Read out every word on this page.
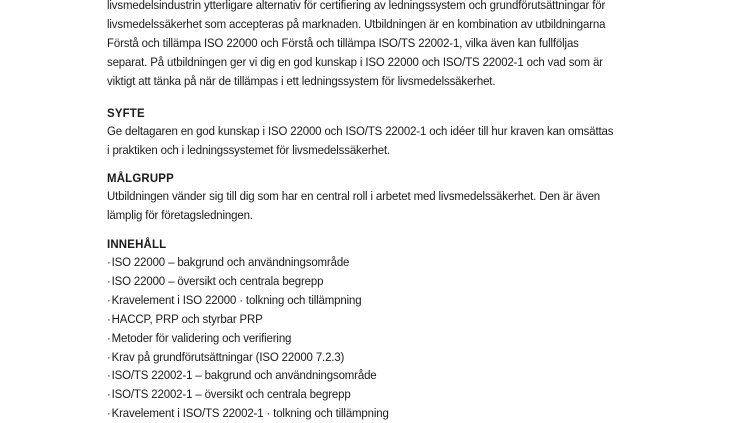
livsmedelsindustrin ytterligare alternativ för certifiering av ledningssystem och grundförutsättningar för

livsmedelssäkerhet som accepteras på marknaden. Utbildningen är en kombination av utbildningarna

Förstå och tillämpa ISO 22000 och Förstå och tillämpa ISO/TS 22002-1, vilka även kan fullföljas

separat. På utbildningen ger vi dig en god kunskap i ISO 22000 och ISO/TS 22002-1 och vad som är

viktigt att tänka på när de tillämpas i ett ledningssystem för livsmedelssäkerhet.

SYFTE

Ge deltagaren en god kunskap i ISO 22000 och ISO/TS 22002-1 och idéer till hur kraven kan omsättas

i praktiken och i ledningssystemet för livsmedelssäkerhet.

MÅLGRUPP

Utbildningen vänder sig till dig som har en central roll i arbetet med livsmedelssäkerhet. Den är även

lämplig för företagsledningen.

INNEHÅLL

·ISO 22000 – bakgrund och användningsområde
·ISO 22000 – översikt och centrala begrepp
·Kravelement i ISO 22000 · tolkning och tillämpning
·HACCP, PRP och styrbar PRP
·Metoder för validering och verifiering
·Krav på grundförutsättningar (ISO 22000 7.2.3)
·ISO/TS 22002-1 – bakgrund och användningsområde
·ISO/TS 22002-1 – översikt och centrala begrepp
·Kravelement i ISO/TS 22002-1 · tolkning och tillämpning
